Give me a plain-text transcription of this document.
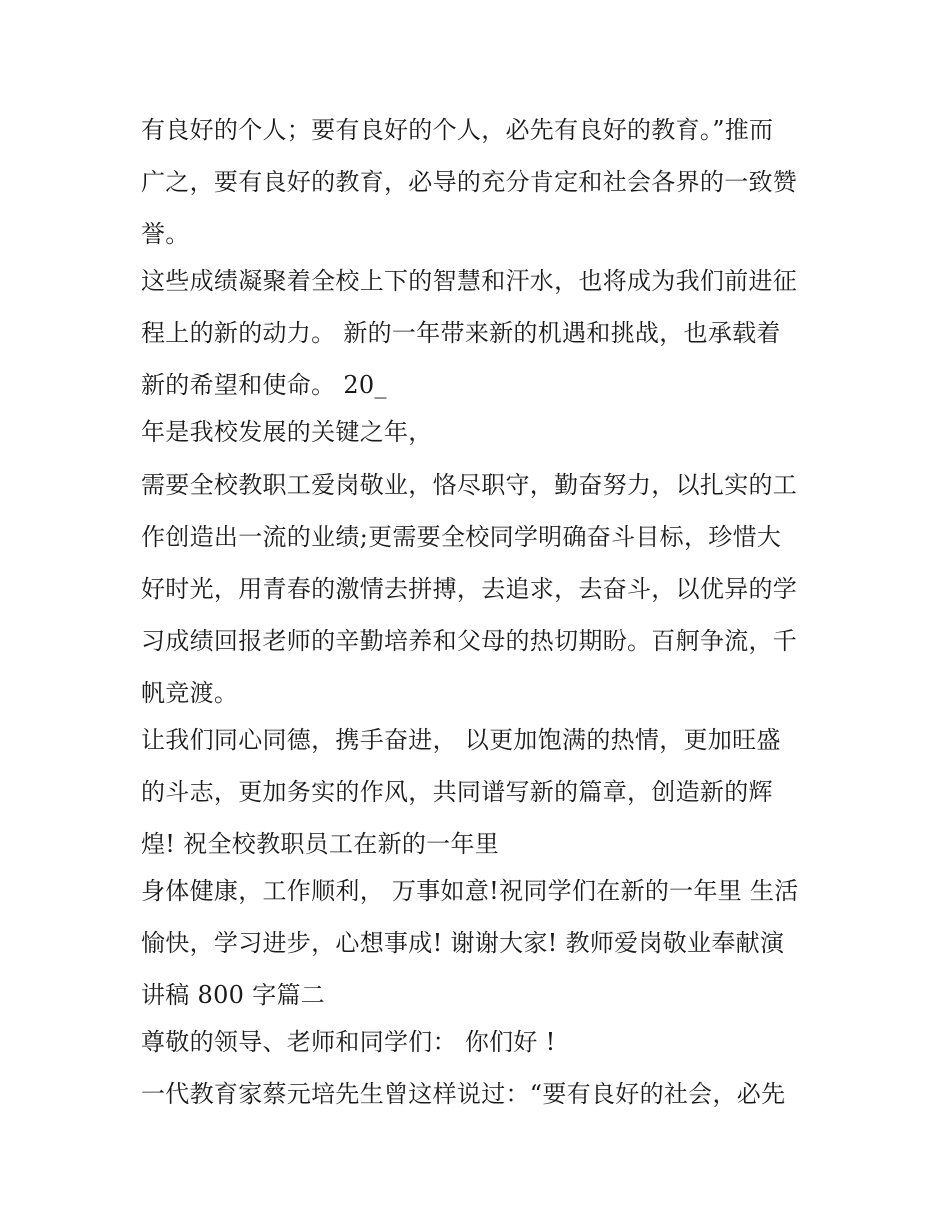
有良好的个人；要有良好的个人，必先有良好的教育。”推而
广之，要有良好的教育，必导的充分肯定和社会各界的一致赞
誉。
这些成绩凝聚着全校上下的智慧和汗水，也将成为我们前进征
程上的新的动力。 新的一年带来新的机遇和挑战，也承载着
新的希望和使命。 20_
年是我校发展的关键之年，
需要全校教职工爱岗敬业，恪尽职守，勤奋努力，以扎实的工
作创造出一流的业绩;更需要全校同学明确奋斗目标，珍惜大
好时光，用青春的激情去拼搏，去追求，去奋斗，以优异的学
习成绩回报老师的辛勤培养和父母的热切期盼。百舸争流，千
帆竞渡。
让我们同心同德，携手奋进， 以更加饱满的热情，更加旺盛
的斗志，更加务实的作风，共同谱写新的篇章，创造新的辉
煌! 祝全校教职员工在新的一年里
身体健康，工作顺利， 万事如意!祝同学们在新的一年里 生活
愉快，学习进步，心想事成! 谢谢大家! 教师爱岗敬业奉献演
讲稿 800 字篇二
尊敬的领导、老师和同学们： 你们好 !
一代教育家蔡元培先生曾这样说过：“要有良好的社会，必先
